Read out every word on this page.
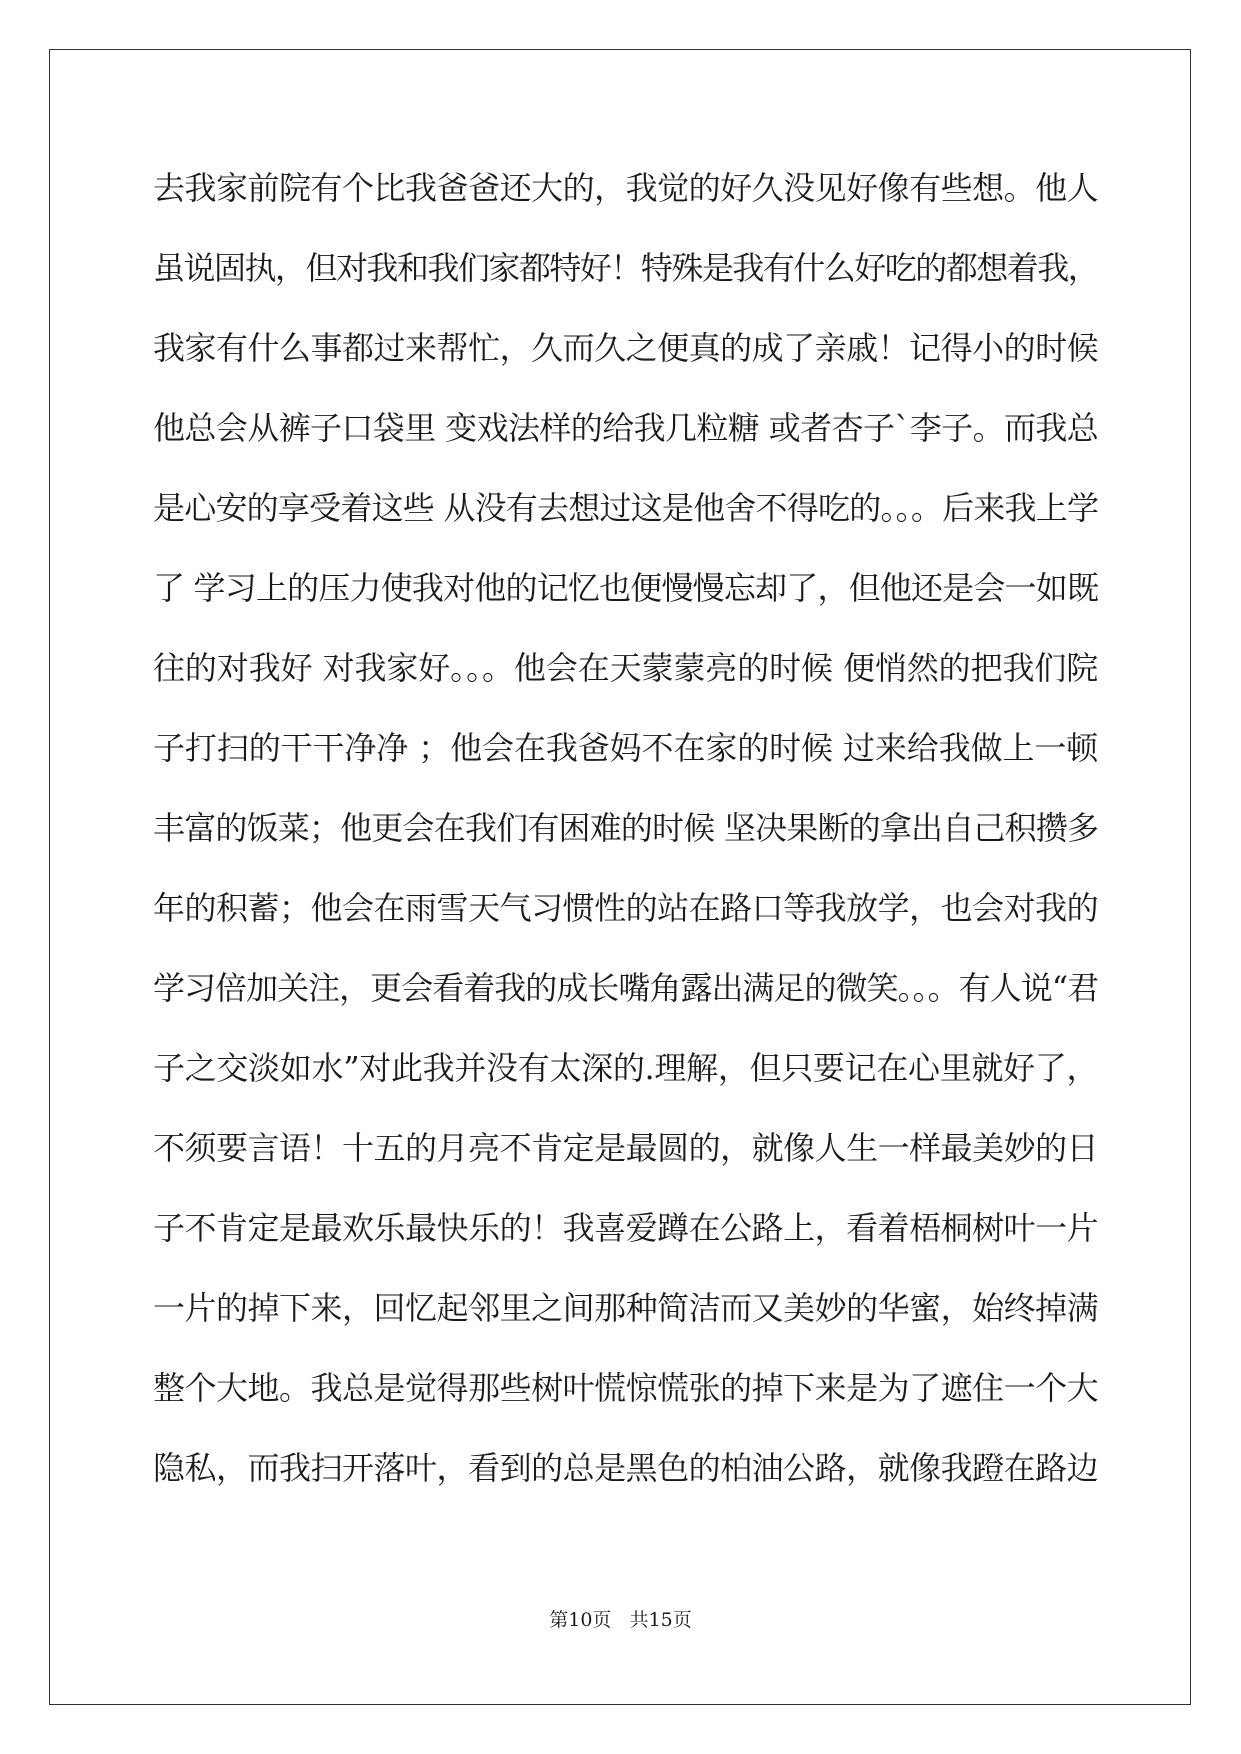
去我家前院有个比我爸爸还大的，我觉的好久没见好像有些想。他人
虽说固执，但对我和我们家都特好！特殊是我有什么好吃的都想着我，
我家有什么事都过来帮忙，久而久之便真的成了亲戚！记得小的时候
他总会从裤子口袋里 变戏法样的给我几粒糖 或者杏子`李子。而我总
是心安的享受着这些 从没有去想过这是他舍不得吃的。。。后来我上学
了 学习上的压力使我对他的记忆也便慢慢忘却了，但他还是会一如既
往的对我好 对我家好。。。他会在天蒙蒙亮的时候 便悄然的把我们院
子打扫的干干净净 ；他会在我爸妈不在家的时候 过来给我做上一顿
丰富的饭菜；他更会在我们有困难的时候 坚决果断的拿出自己积攒多
年的积蓄；他会在雨雪天气习惯性的站在路口等我放学，也会对我的
学习倍加关注，更会看着我的成长嘴角露出满足的微笑。。。有人说“君
子之交淡如水”对此我并没有太深的.理解，但只要记在心里就好了，
不须要言语！十五的月亮不肯定是最圆的，就像人生一样最美妙的日
子不肯定是最欢乐最快乐的！我喜爱蹲在公路上，看着梧桐树叶一片
一片的掉下来，回忆起邻里之间那种简洁而又美妙的华蜜，始终掉满
整个大地。我总是觉得那些树叶慌惊慌张的掉下来是为了遮住一个大
隐私，而我扫开落叶，看到的总是黑色的柏油公路，就像我蹬在路边
第10页 共15页
